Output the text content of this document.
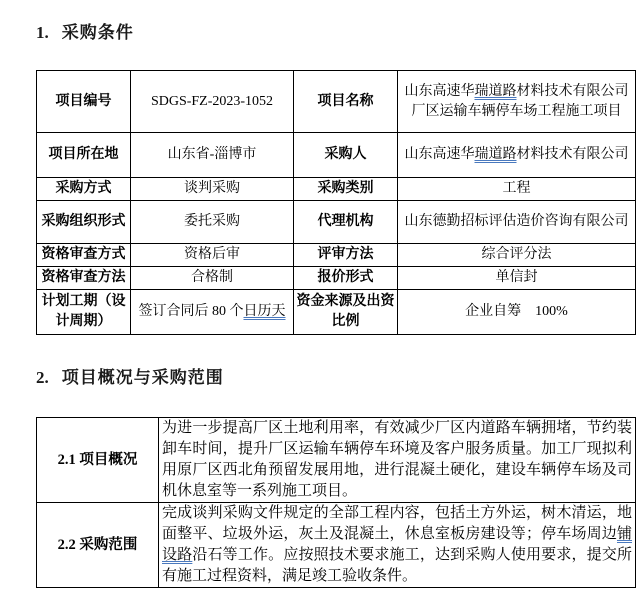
1. 采购条件
项目编号	SDGS-FZ-2023-1052	项目名称	山东高速华瑞道路材料技术有限公司厂区运输车辆停车场工程施工项目
项目所在地	山东省-淄博市	采购人	山东高速华瑞道路材料技术有限公司
采购方式	谈判采购	采购类别	工程
采购组织形式	委托采购	代理机构	山东德勤招标评估造价咨询有限公司
资格审查方式	资格后审	评审方法	综合评分法
资格审查方法	合格制	报价形式	单信封
计划工期（设计周期）	签订合同后 80 个日历天	资金来源及出资比例	企业自筹　100%
2. 项目概况与采购范围
2.1 项目概况	为进一步提高厂区土地利用率，有效减少厂区内道路车辆拥堵，节约装卸车时间，提升厂区运输车辆停车环境及客户服务质量。加工厂现拟利用原厂区西北角预留发展用地，进行混凝土硬化，建设车辆停车场及司机休息室等一系列施工项目。
2.2 采购范围	完成谈判采购文件规定的全部工程内容，包括土方外运，树木清运，地面整平、垃圾外运，灰土及混凝土，休息室板房建设等；停车场周边铺设路沿石等工作。应按照技术要求施工，达到采购人使用要求，提交所有施工过程资料，满足竣工验收条件。
